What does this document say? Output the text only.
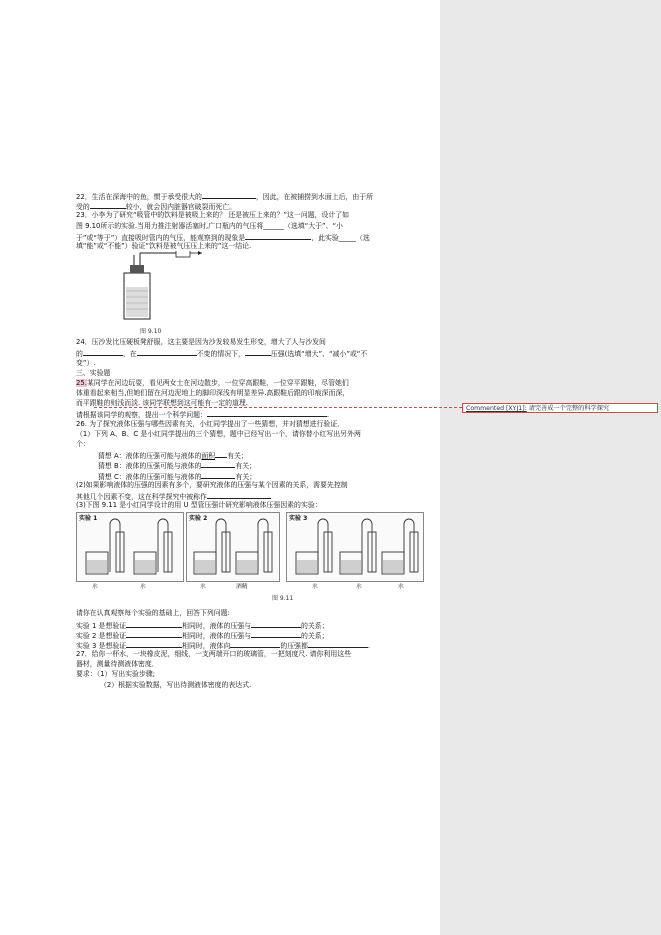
Commented [XYJ1]: 请完善成一个完整的科学探究
22．生活在深海中的鱼，惯于承受很大的	，因此，在被捕捞到水面上后，由于所
受的	较小，就会因内脏器官破裂而死亡。
23．小李为了研究“吸管中的饮料是被吸上来的？ 还是被压上来的？”这一问题，设计了如
图 9.10所示的实验.当用力推注射器活塞时,广口瓶内的气压将______（选填“大于”、“小
于”或“等于”）直接吸时管内的气压，能观察到的现象是	，此实验_____（选
填“能”或“不能”）验证“饮料是被气压压上来的”这一结论.
图 9.10
24．压沙发比压硬板凳舒服，这主要是因为沙发较易发生形变，增大了人与沙发间
的	，在	不变的情况下，	压强(选填“增大”、“减小”或“不
变”）.
三、实验题
25.某同学在河边玩耍，看见两女士在河边散步，一位穿高跟鞋，一位穿平跟鞋，尽管她们
体重看起来相当,但她们留在河边泥地上的脚印深浅有明显差异.高跟鞋后跟的印痕深而深，
而平跟鞋的则浅而淡. 该同学联想到这可能有一定的道理.
请根据该同学的观察，提出一个科学问题：	.
26. 为了探究液体压强与哪些因素有关，小红同学提出了一些猜想，并对猜想进行验证．
（1）下列 A、B、C 是小红同学提出的三个猜想，题中已经写出一个，请你替小红写出另外两
个：
猜想 A：液体的压强可能与液体的面积 有关；
猜想 B：液体的压强可能与液体的	有关；
猜想 C：液体的压强可能与液体的	有关；
(2)如果影响液体的压强的因素有多个，要研究液体的压强与某个因素的关系，需要先控制
其他几个因素不变，这在科学探究中被称作
(3)下图 9.11 是小红同学设计的用 U 型管压强计研究影响液体压强因素的实验：
实验 1	实验 2	实验 3
水	水	水	酒精	水	水	水
图 9.11
请你在认真观察每个实验的基础上，回答下列问题:
实验 1 是想验证	相同时，液体的压强与	的关系；
实验 2 是想验证	相同时，液体的压强与	的关系；
实验 3 是想验证	相同时，液体向	的压强都	.
27．给你一杯水，一块橡皮泥，细线，一支两端开口的玻璃管，一把刻度尺. 请你利用这些
器材，测量待测液体密度．
要求：（1）写出实验步骤;
（2）根据实验数据，写出待测液体密度的表达式.
